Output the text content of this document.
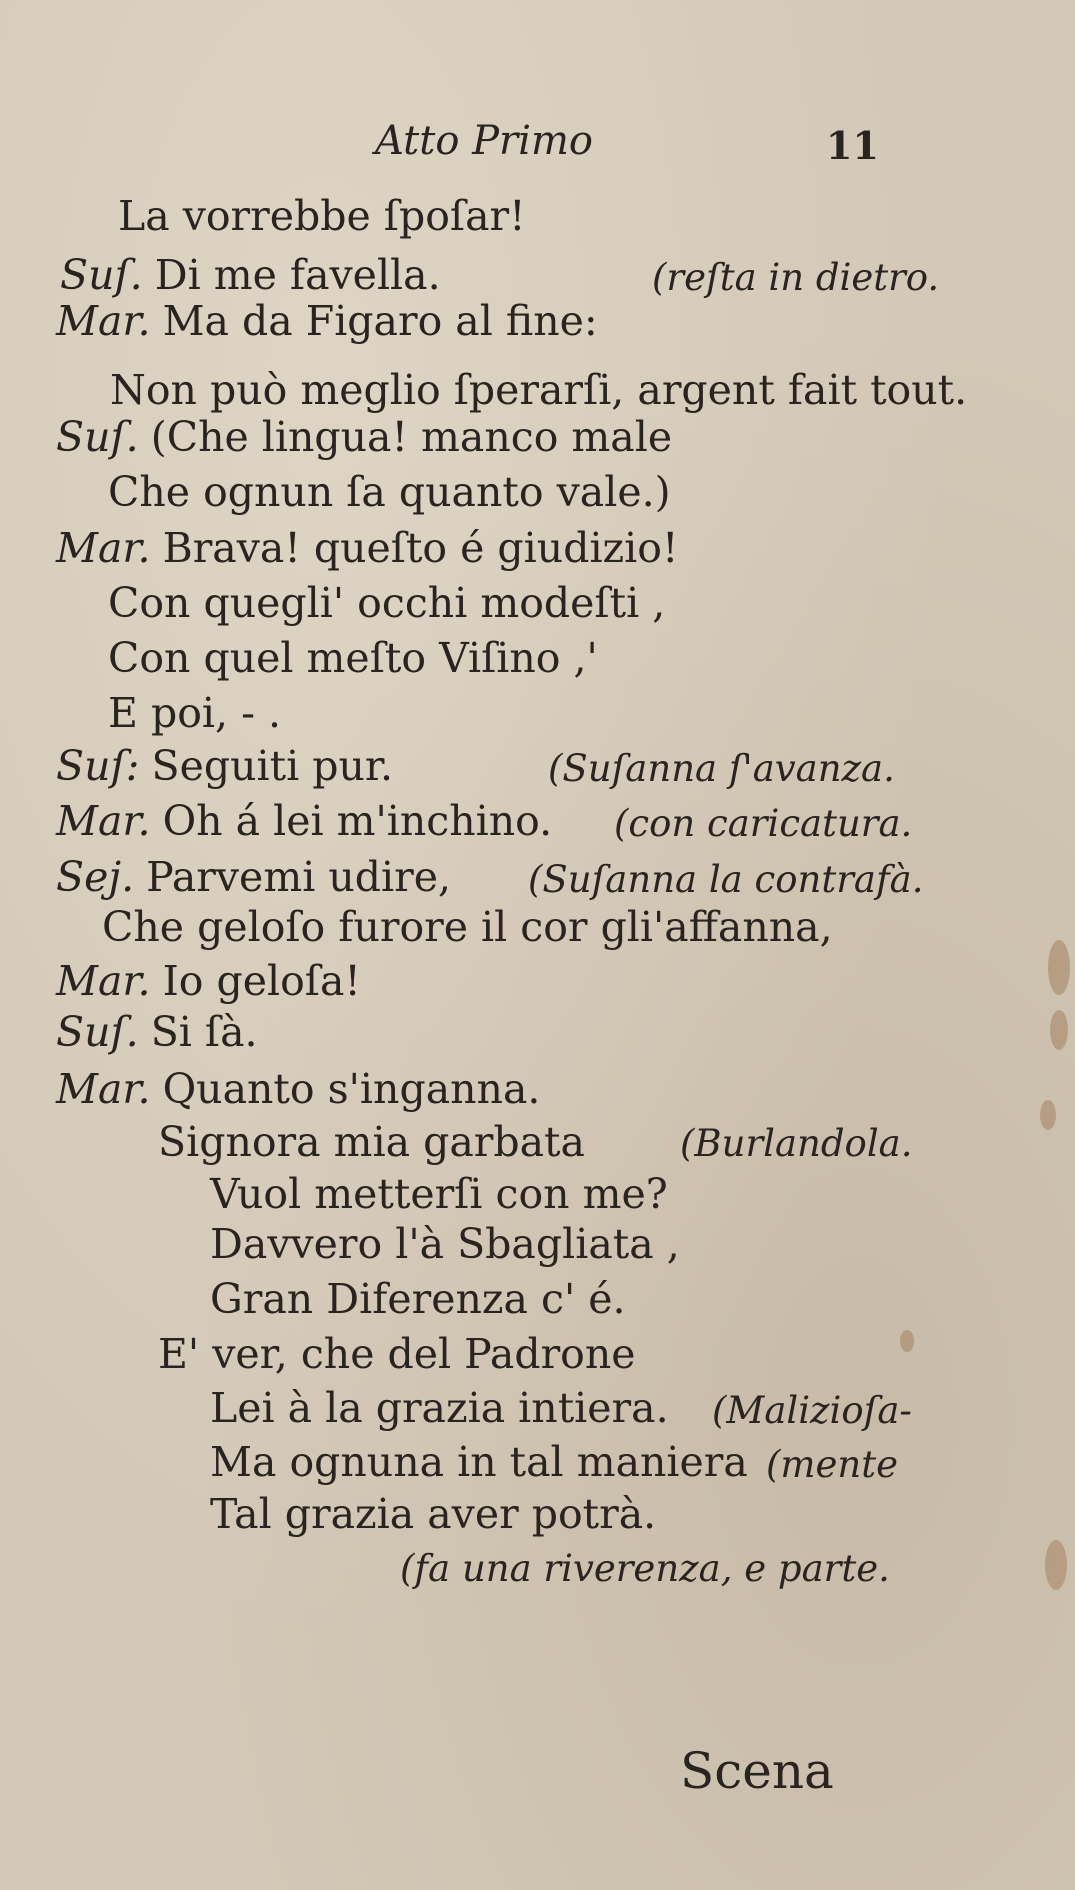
Atto Primo	11
La vorrebbe ſpoſar!
Suſ. Di me favella.
Mar. Ma da Figaro al fine:
Non può meglio ſperarſi, argent fait tout.
Suſ. (Che lingua! manco male
Che ognun ſa quanto vale.)
Mar. Brava! queſto é giudizio!
Con quegli' occhi modeſti ,
Con quel meſto Viſino ,'
E poi, - .
Suſ: Seguiti pur.
Mar. Oh á lei m'inchino.
Sej. Parvemi udire,
Che geloſo furore il cor gli'affanna,
Mar. Io geloſa!
Suſ. Si ſà.
Mar. Quanto s'inganna.
Signora mia garbata
Vuol metterſi con me?
Davvero l'à Sbagliata ,
Gran Diferenza c' é.
E' ver, che del Padrone
Lei à la grazia intiera.
Ma ognuna in tal maniera
Tal grazia aver potrà.
(reſta in dietro.
(Suſanna ſ'avanza.
(con caricatura.
(Suſanna la contrafà.
(Burlandola.
(Malizioſa-
(mente
(fa una riverenza, e parte.
Scena
